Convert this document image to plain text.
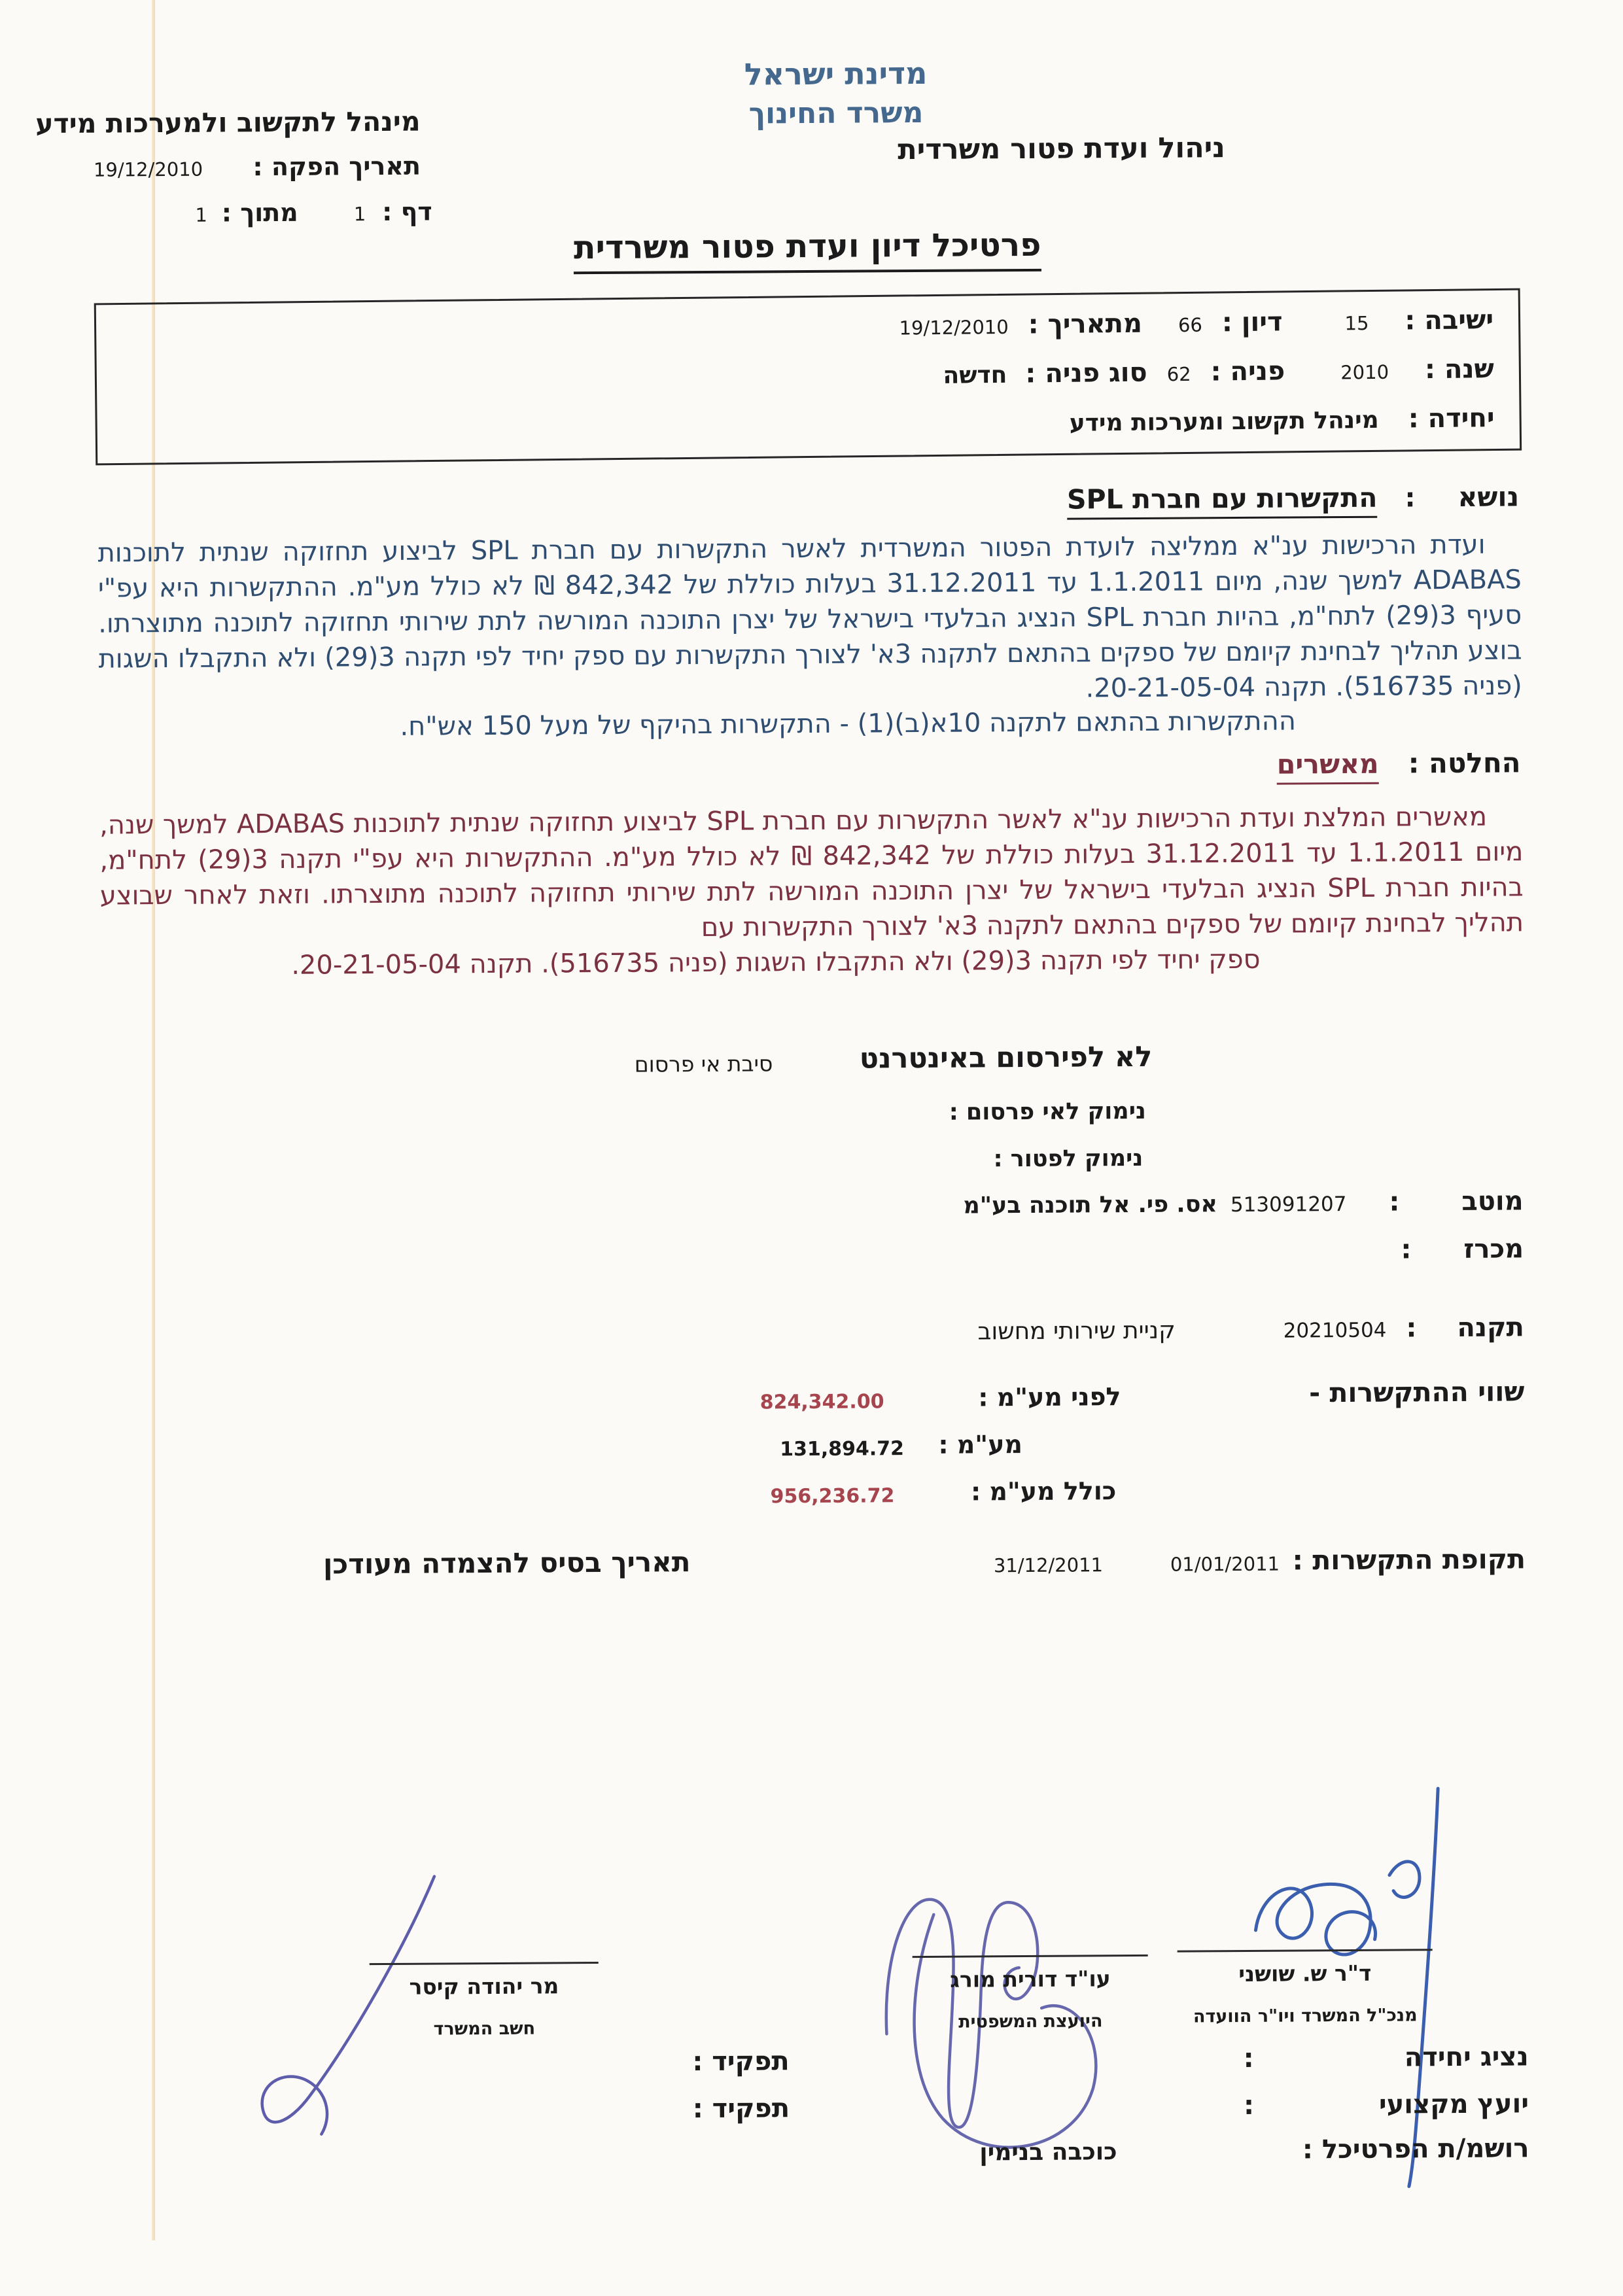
מינהל לתקשוב ולמערכות מידע
תאריך הפקה :
19/12/2010
דף :
1
מתוך :
1
מדינת ישראל
משרד החינוך
ניהול ועדת פטור משרדית
פרטיכל דיון ועדת פטור משרדית
ישיבה :
15
דיון :
66
מתאריך :
19/12/2010
שנה :
2010
פניה :
62
סוג פניה :
חדשה
יחידה :
מינהל תקשוב ומערכות מידע
נושא
:
התקשרות עם חברת SPL
ועדת הרכישות ענ"א ממליצה לועדת הפטור המשרדית לאשר התקשרות עם חברת SPL לביצוע תחזוקה שנתית לתוכנות ADABAS למשך שנה, מיום 1.1.2011 עד 31.12.2011 בעלות כוללת של 842,342 ₪ לא כולל מע"מ. ההתקשרות היא עפ"י סעיף 3(29) לתח"מ, בהיות חברת SPL הנציג הבלעדי בישראל של יצרן התוכנה המורשה לתת שירותי תחזוקה לתוכנה מתוצרתו. בוצע תהליך לבחינת קיומם של ספקים בהתאם לתקנה 3א' לצורך התקשרות עם ספק יחיד לפי תקנה 3(29) ולא התקבלו השגות (פניה 516735). תקנה 20-21-05-04.
ההתקשרות בהתאם לתקנה 10א(ב)(1) - התקשרות בהיקף של מעל 150 אש"ח.
החלטה :
מאשרים
מאשרים המלצת ועדת הרכישות ענ"א לאשר התקשרות עם חברת SPL לביצוע תחזוקה שנתית לתוכנות ADABAS למשך שנה, מיום 1.1.2011 עד 31.12.2011 בעלות כוללת של 842,342 ₪ לא כולל מע"מ. ההתקשרות היא עפ"י תקנה 3(29) לתח"מ, בהיות חברת SPL הנציג הבלעדי בישראל של יצרן התוכנה המורשה לתת שירותי תחזוקה לתוכנה מתוצרתו. וזאת לאחר שבוצע תהליך לבחינת קיומם של ספקים בהתאם לתקנה 3א' לצורך התקשרות עם
ספק יחיד לפי תקנה 3(29) ולא התקבלו השגות (פניה 516735). תקנה 20-21-05-04.
לא לפירסום באינטרנט
סיבת אי פרסום
נימוק לאי פרסום :
נימוק לפטור :
מוטב
:
513091207
אס. פי. אל תוכנה בע"מ
מכרז
:
תקנה
:
20210504
קניית שירותי מחשוב
שווי ההתקשרות -
לפני מע"מ :
824,342.00
מע"מ :
131,894.72
כולל מע"מ :
956,236.72
תקופת התקשרות :
01/01/2011
31/12/2011
תאריך בסיס להצמדה מעודכן
ד"ר ש. שושני
מנכ"ל המשרד ויו"ר הוועדה
עו"ד דורית מורג
היועצת המשפטית
מר יהודה קיסר
חשב המשרד
נציג יחידה
:
תפקיד :
יועץ מקצועי
:
תפקיד :
רושמ/ת הפרטיכל :
כוכבה בנימין
